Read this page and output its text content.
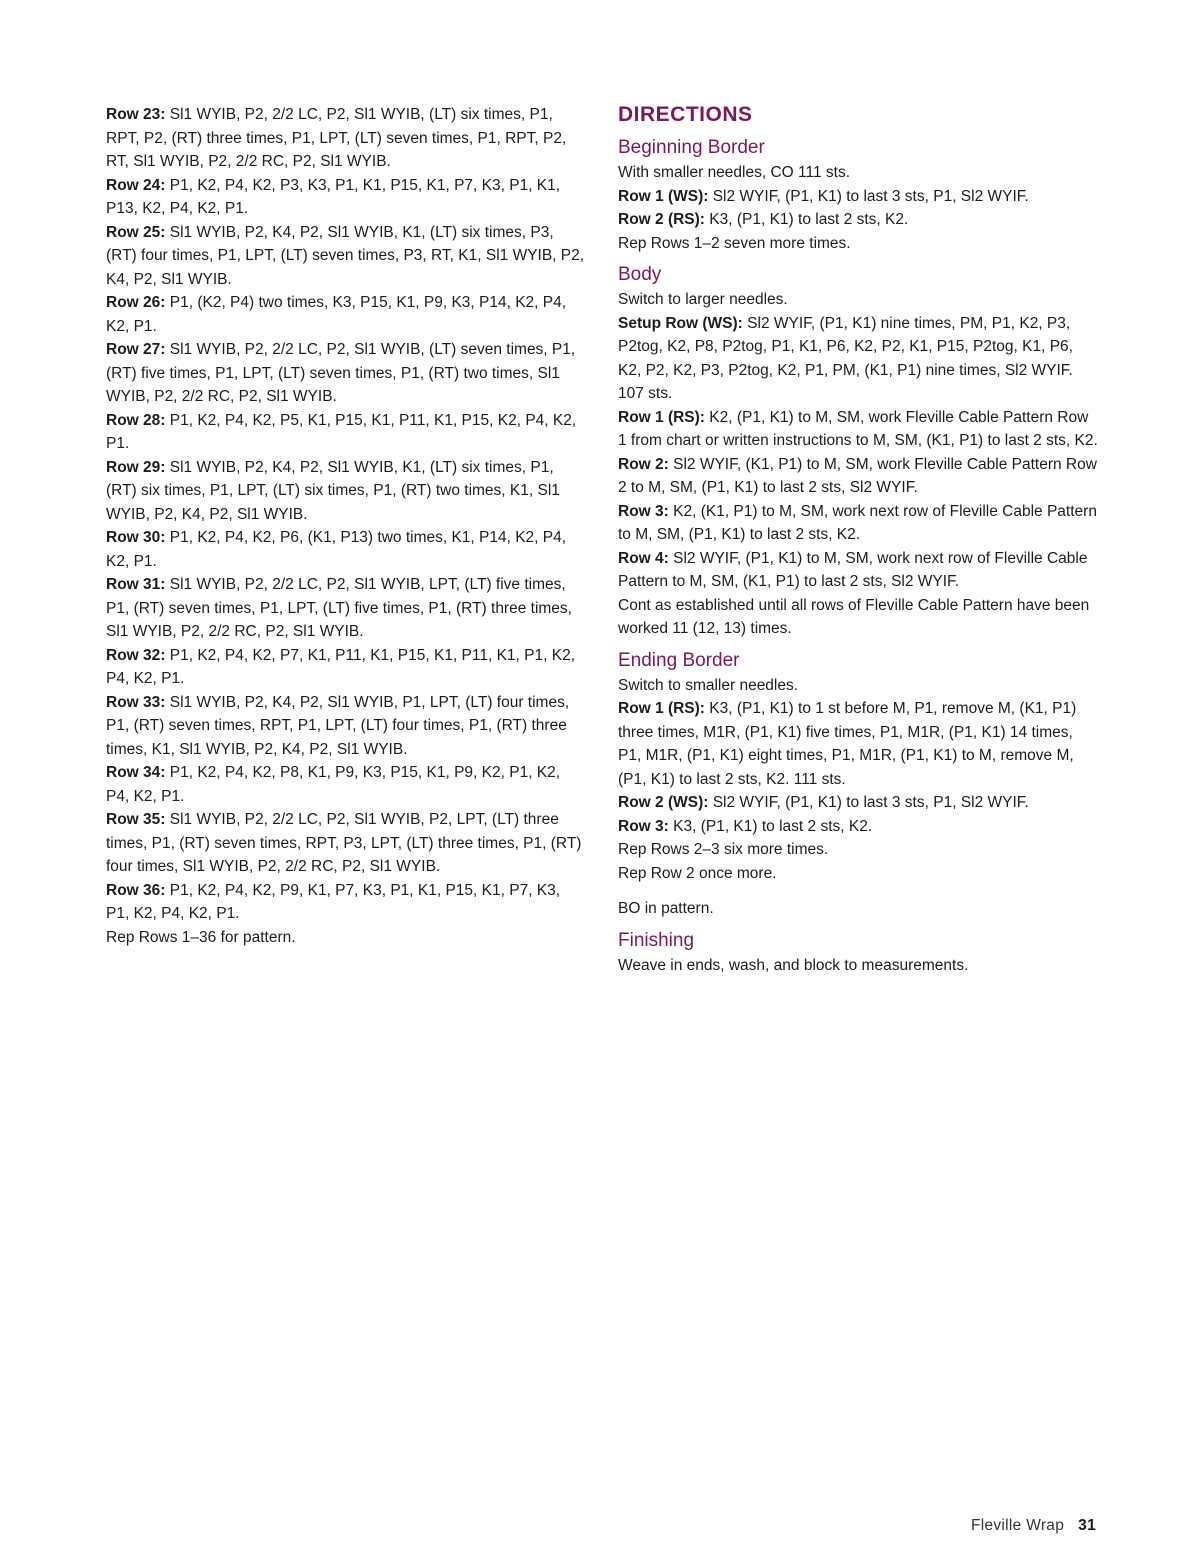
Row 23: Sl1 WYIB, P2, 2/2 LC, P2, Sl1 WYIB, (LT) six times, P1, RPT, P2, (RT) three times, P1, LPT, (LT) seven times, P1, RPT, P2, RT, Sl1 WYIB, P2, 2/2 RC, P2, Sl1 WYIB.

Row 24: P1, K2, P4, K2, P3, K3, P1, K1, P15, K1, P7, K3, P1, K1, P13, K2, P4, K2, P1.

Row 25: Sl1 WYIB, P2, K4, P2, Sl1 WYIB, K1, (LT) six times, P3, (RT) four times, P1, LPT, (LT) seven times, P3, RT, K1, Sl1 WYIB, P2, K4, P2, Sl1 WYIB.

Row 26: P1, (K2, P4) two times, K3, P15, K1, P9, K3, P14, K2, P4, K2, P1.

Row 27: Sl1 WYIB, P2, 2/2 LC, P2, Sl1 WYIB, (LT) seven times, P1, (RT) five times, P1, LPT, (LT) seven times, P1, (RT) two times, Sl1 WYIB, P2, 2/2 RC, P2, Sl1 WYIB.

Row 28: P1, K2, P4, K2, P5, K1, P15, K1, P11, K1, P15, K2, P4, K2, P1.

Row 29: Sl1 WYIB, P2, K4, P2, Sl1 WYIB, K1, (LT) six times, P1, (RT) six times, P1, LPT, (LT) six times, P1, (RT) two times, K1, Sl1 WYIB, P2, K4, P2, Sl1 WYIB.

Row 30: P1, K2, P4, K2, P6, (K1, P13) two times, K1, P14, K2, P4, K2, P1.

Row 31: Sl1 WYIB, P2, 2/2 LC, P2, Sl1 WYIB, LPT, (LT) five times, P1, (RT) seven times, P1, LPT, (LT) five times, P1, (RT) three times, Sl1 WYIB, P2, 2/2 RC, P2, Sl1 WYIB.

Row 32: P1, K2, P4, K2, P7, K1, P11, K1, P15, K1, P11, K1, P1, K2, P4, K2, P1.

Row 33: Sl1 WYIB, P2, K4, P2, Sl1 WYIB, P1, LPT, (LT) four times, P1, (RT) seven times, RPT, P1, LPT, (LT) four times, P1, (RT) three times, K1, Sl1 WYIB, P2, K4, P2, Sl1 WYIB.

Row 34: P1, K2, P4, K2, P8, K1, P9, K3, P15, K1, P9, K2, P1, K2, P4, K2, P1.

Row 35: Sl1 WYIB, P2, 2/2 LC, P2, Sl1 WYIB, P2, LPT, (LT) three times, P1, (RT) seven times, RPT, P3, LPT, (LT) three times, P1, (RT) four times, Sl1 WYIB, P2, 2/2 RC, P2, Sl1 WYIB.

Row 36: P1, K2, P4, K2, P9, K1, P7, K3, P1, K1, P15, K1, P7, K3, P1, K2, P4, K2, P1.

Rep Rows 1–36 for pattern.

DIRECTIONS
Beginning Border

With smaller needles, CO 111 sts.

Row 1 (WS): Sl2 WYIF, (P1, K1) to last 3 sts, P1, Sl2 WYIF.

Row 2 (RS): K3, (P1, K1) to last 2 sts, K2.

Rep Rows 1–2 seven more times.

Body

Switch to larger needles.

Setup Row (WS): Sl2 WYIF, (P1, K1) nine times, PM, P1, K2, P3, P2tog, K2, P8, P2tog, P1, K1, P6, K2, P2, K1, P15, P2tog, K1, P6, K2, P2, K2, P3, P2tog, K2, P1, PM, (K1, P1) nine times, Sl2 WYIF. 107 sts.

Row 1 (RS): K2, (P1, K1) to M, SM, work Fleville Cable Pattern Row 1 from chart or written instructions to M, SM, (K1, P1) to last 2 sts, K2.

Row 2: Sl2 WYIF, (K1, P1) to M, SM, work Fleville Cable Pattern Row 2 to M, SM, (P1, K1) to last 2 sts, Sl2 WYIF.

Row 3: K2, (K1, P1) to M, SM, work next row of Fleville Cable Pattern to M, SM, (P1, K1) to last 2 sts, K2.

Row 4: Sl2 WYIF, (P1, K1) to M, SM, work next row of Fleville Cable Pattern to M, SM, (K1, P1) to last 2 sts, Sl2 WYIF.

Cont as established until all rows of Fleville Cable Pattern have been worked 11 (12, 13) times.

Ending Border

Switch to smaller needles.

Row 1 (RS): K3, (P1, K1) to 1 st before M, P1, remove M, (K1, P1) three times, M1R, (P1, K1) five times, P1, M1R, (P1, K1) 14 times, P1, M1R, (P1, K1) eight times, P1, M1R, (P1, K1) to M, remove M, (P1, K1) to last 2 sts, K2. 111 sts.

Row 2 (WS): Sl2 WYIF, (P1, K1) to last 3 sts, P1, Sl2 WYIF.

Row 3: K3, (P1, K1) to last 2 sts, K2.

Rep Rows 2–3 six more times.

Rep Row 2 once more.

BO in pattern.

Finishing

Weave in ends, wash, and block to measurements.

Fleville Wrap 31
